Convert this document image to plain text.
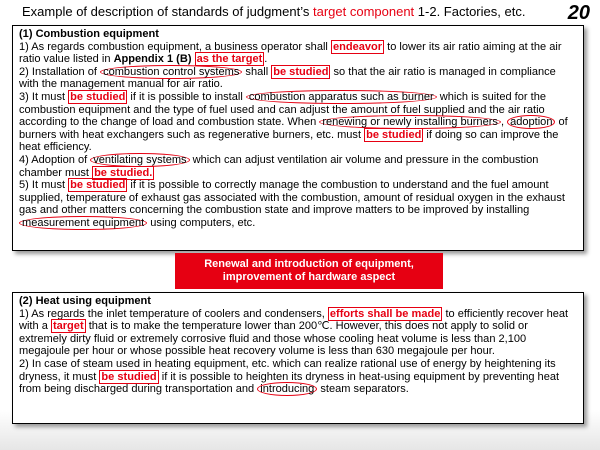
Example of description of standards of judgment’s target component 1-2. Factories, etc. 20

(1) Combustion equipment

1) As regards combustion equipment, a business operator shall endeavor to lower its air ratio aiming at the air ratio value listed in Appendix 1 (B) as the target .

2) Installation of combustion control systems shall be studied so that the air ratio is managed in compliance with the management manual for air ratio.

3) It must be studied if it is possible to install combustion apparatus such as burner which is suited for the combustion equipment and the type of fuel used and can adjust the amount of fuel supplied and the air ratio according to the change of load and combustion state. When renewing or newly installing burners , adoption of burners with heat exchangers such as regenerative burners, etc. must be studied if doing so can improve the heat efficiency.

4) Adoption of ventilating systems which can adjust ventilation air volume and pressure in the combustion chamber must be studied.

5) It must be studied if it is possible to correctly manage the combustion to understand and the fuel amount supplied, temperature of exhaust gas associated with the combustion, amount of residual oxygen in the exhaust gas and other matters concerning the combustion state and improve matters to be improved by installing measurement equipment using computers, etc.

Renewal and introduction of equipment,
improvement of hardware aspect

(2) Heat using equipment

1) As regards the inlet temperature of coolers and condensers, efforts shall be made to efficiently recover heat with a target that is to make the temperature lower than 200℃. However, this does not apply to solid or extremely dirty fluid or extremely corrosive fluid and those whose cooling heat volume is less than 2,100 megajoule per hour or whose possible heat recovery volume is less than 630 megajoule per hour.

2) In case of steam used in heating equipment, etc. which can realize rational use of energy by heightening its dryness, it must be studied if it is possible to heighten its dryness in heat-using equipment by preventing heat from being discharged during transportation and introducing steam separators.
